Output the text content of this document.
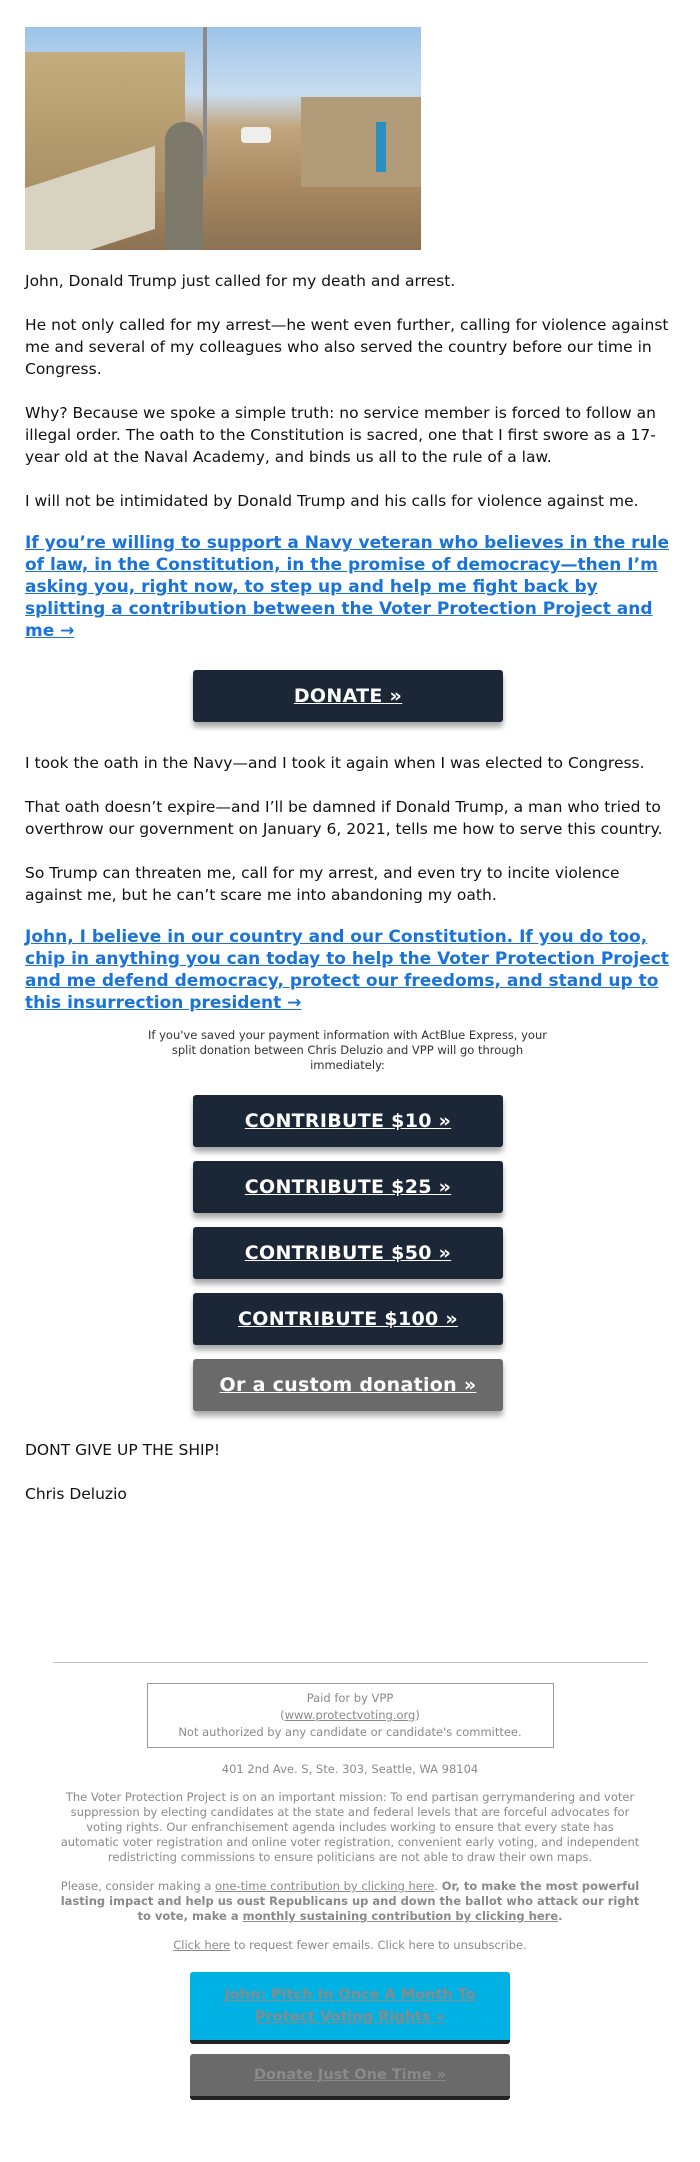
John, Donald Trump just called for my death and arrest.

He not only called for my arrest—he went even further, calling for violence against me and several of my colleagues who also served the country before our time in Congress.

Why? Because we spoke a simple truth: no service member is forced to follow an illegal order. The oath to the Constitution is sacred, one that I first swore as a 17-year old at the Naval Academy, and binds us all to the rule of a law.

I will not be intimidated by Donald Trump and his calls for violence against me.

If you’re willing to support a Navy veteran who believes in the rule of law, in the Constitution, in the promise of democracy—then I’m asking you, right now, to step up and help me fight back by splitting a contribution between the Voter Protection Project and me →
DONATE »

I took the oath in the Navy—and I took it again when I was elected to Congress.

That oath doesn’t expire—and I’ll be damned if Donald Trump, a man who tried to overthrow our government on January 6, 2021, tells me how to serve this country.

So Trump can threaten me, call for my arrest, and even try to incite violence against me, but he can’t scare me into abandoning my oath.

John, I believe in our country and our Constitution. If you do too, chip in anything you can today to help the Voter Protection Project and me defend democracy, protect our freedoms, and stand up to this insurrection president →

If you've saved your payment information with ActBlue Express, your split donation between Chris Deluzio and VPP will go through immediately:

CONTRIBUTE $10 »
CONTRIBUTE $25 »
CONTRIBUTE $50 »
CONTRIBUTE $100 »
Or a custom donation »

DONT GIVE UP THE SHIP!

Chris Deluzio

Paid for by VPP
(www.protectvoting.org)
Not authorized by any candidate or candidate's committee.
401 2nd Ave. S, Ste. 303, Seattle, WA 98104
The Voter Protection Project is on an important mission: To end partisan gerrymandering and voter suppression by electing candidates at the state and federal levels that are forceful advocates for voting rights. Our enfranchisement agenda includes working to ensure that every state has automatic voter registration and online voter registration, convenient early voting, and independent redistricting commissions to ensure politicians are not able to draw their own maps.
Please, consider making a one-time contribution by clicking here. Or, to make the most powerful lasting impact and help us oust Republicans up and down the ballot who attack our right to vote, make a monthly sustaining contribution by clicking here.
Click here to request fewer emails. Click here to unsubscribe.
John: Pitch In Once A Month To Protect Voting Rights »
Donate Just One Time »
